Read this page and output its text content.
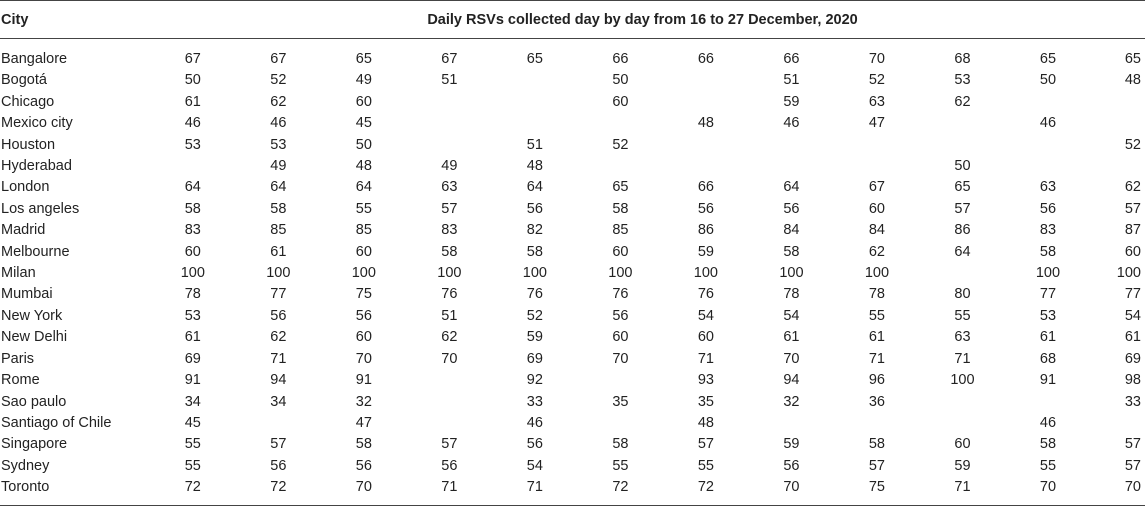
City	Daily RSVs collected day by day from 16 to 27 December, 2020											
Bangalore	67	67	65	67	65	66	66	66	70	68	65	65
Bogotá	50	52	49	51		50		51	52	53	50	48
Chicago	61	62	60			60		59	63	62		
Mexico city	46	46	45				48	46	47		46	
Houston	53	53	50		51	52						52
Hyderabad		49	48	49	48					50		
London	64	64	64	63	64	65	66	64	67	65	63	62
Los angeles	58	58	55	57	56	58	56	56	60	57	56	57
Madrid	83	85	85	83	82	85	86	84	84	86	83	87
Melbourne	60	61	60	58	58	60	59	58	62	64	58	60
Milan	100	100	100	100	100	100	100	100	100		100	100
Mumbai	78	77	75	76	76	76	76	78	78	80	77	77
New York	53	56	56	51	52	56	54	54	55	55	53	54
New Delhi	61	62	60	62	59	60	60	61	61	63	61	61
Paris	69	71	70	70	69	70	71	70	71	71	68	69
Rome	91	94	91		92		93	94	96	100	91	98
Sao paulo	34	34	32		33	35	35	32	36			33
Santiago of Chile	45		47		46		48				46	
Singapore	55	57	58	57	56	58	57	59	58	60	58	57
Sydney	55	56	56	56	54	55	55	56	57	59	55	57
Toronto	72	72	70	71	71	72	72	70	75	71	70	70
